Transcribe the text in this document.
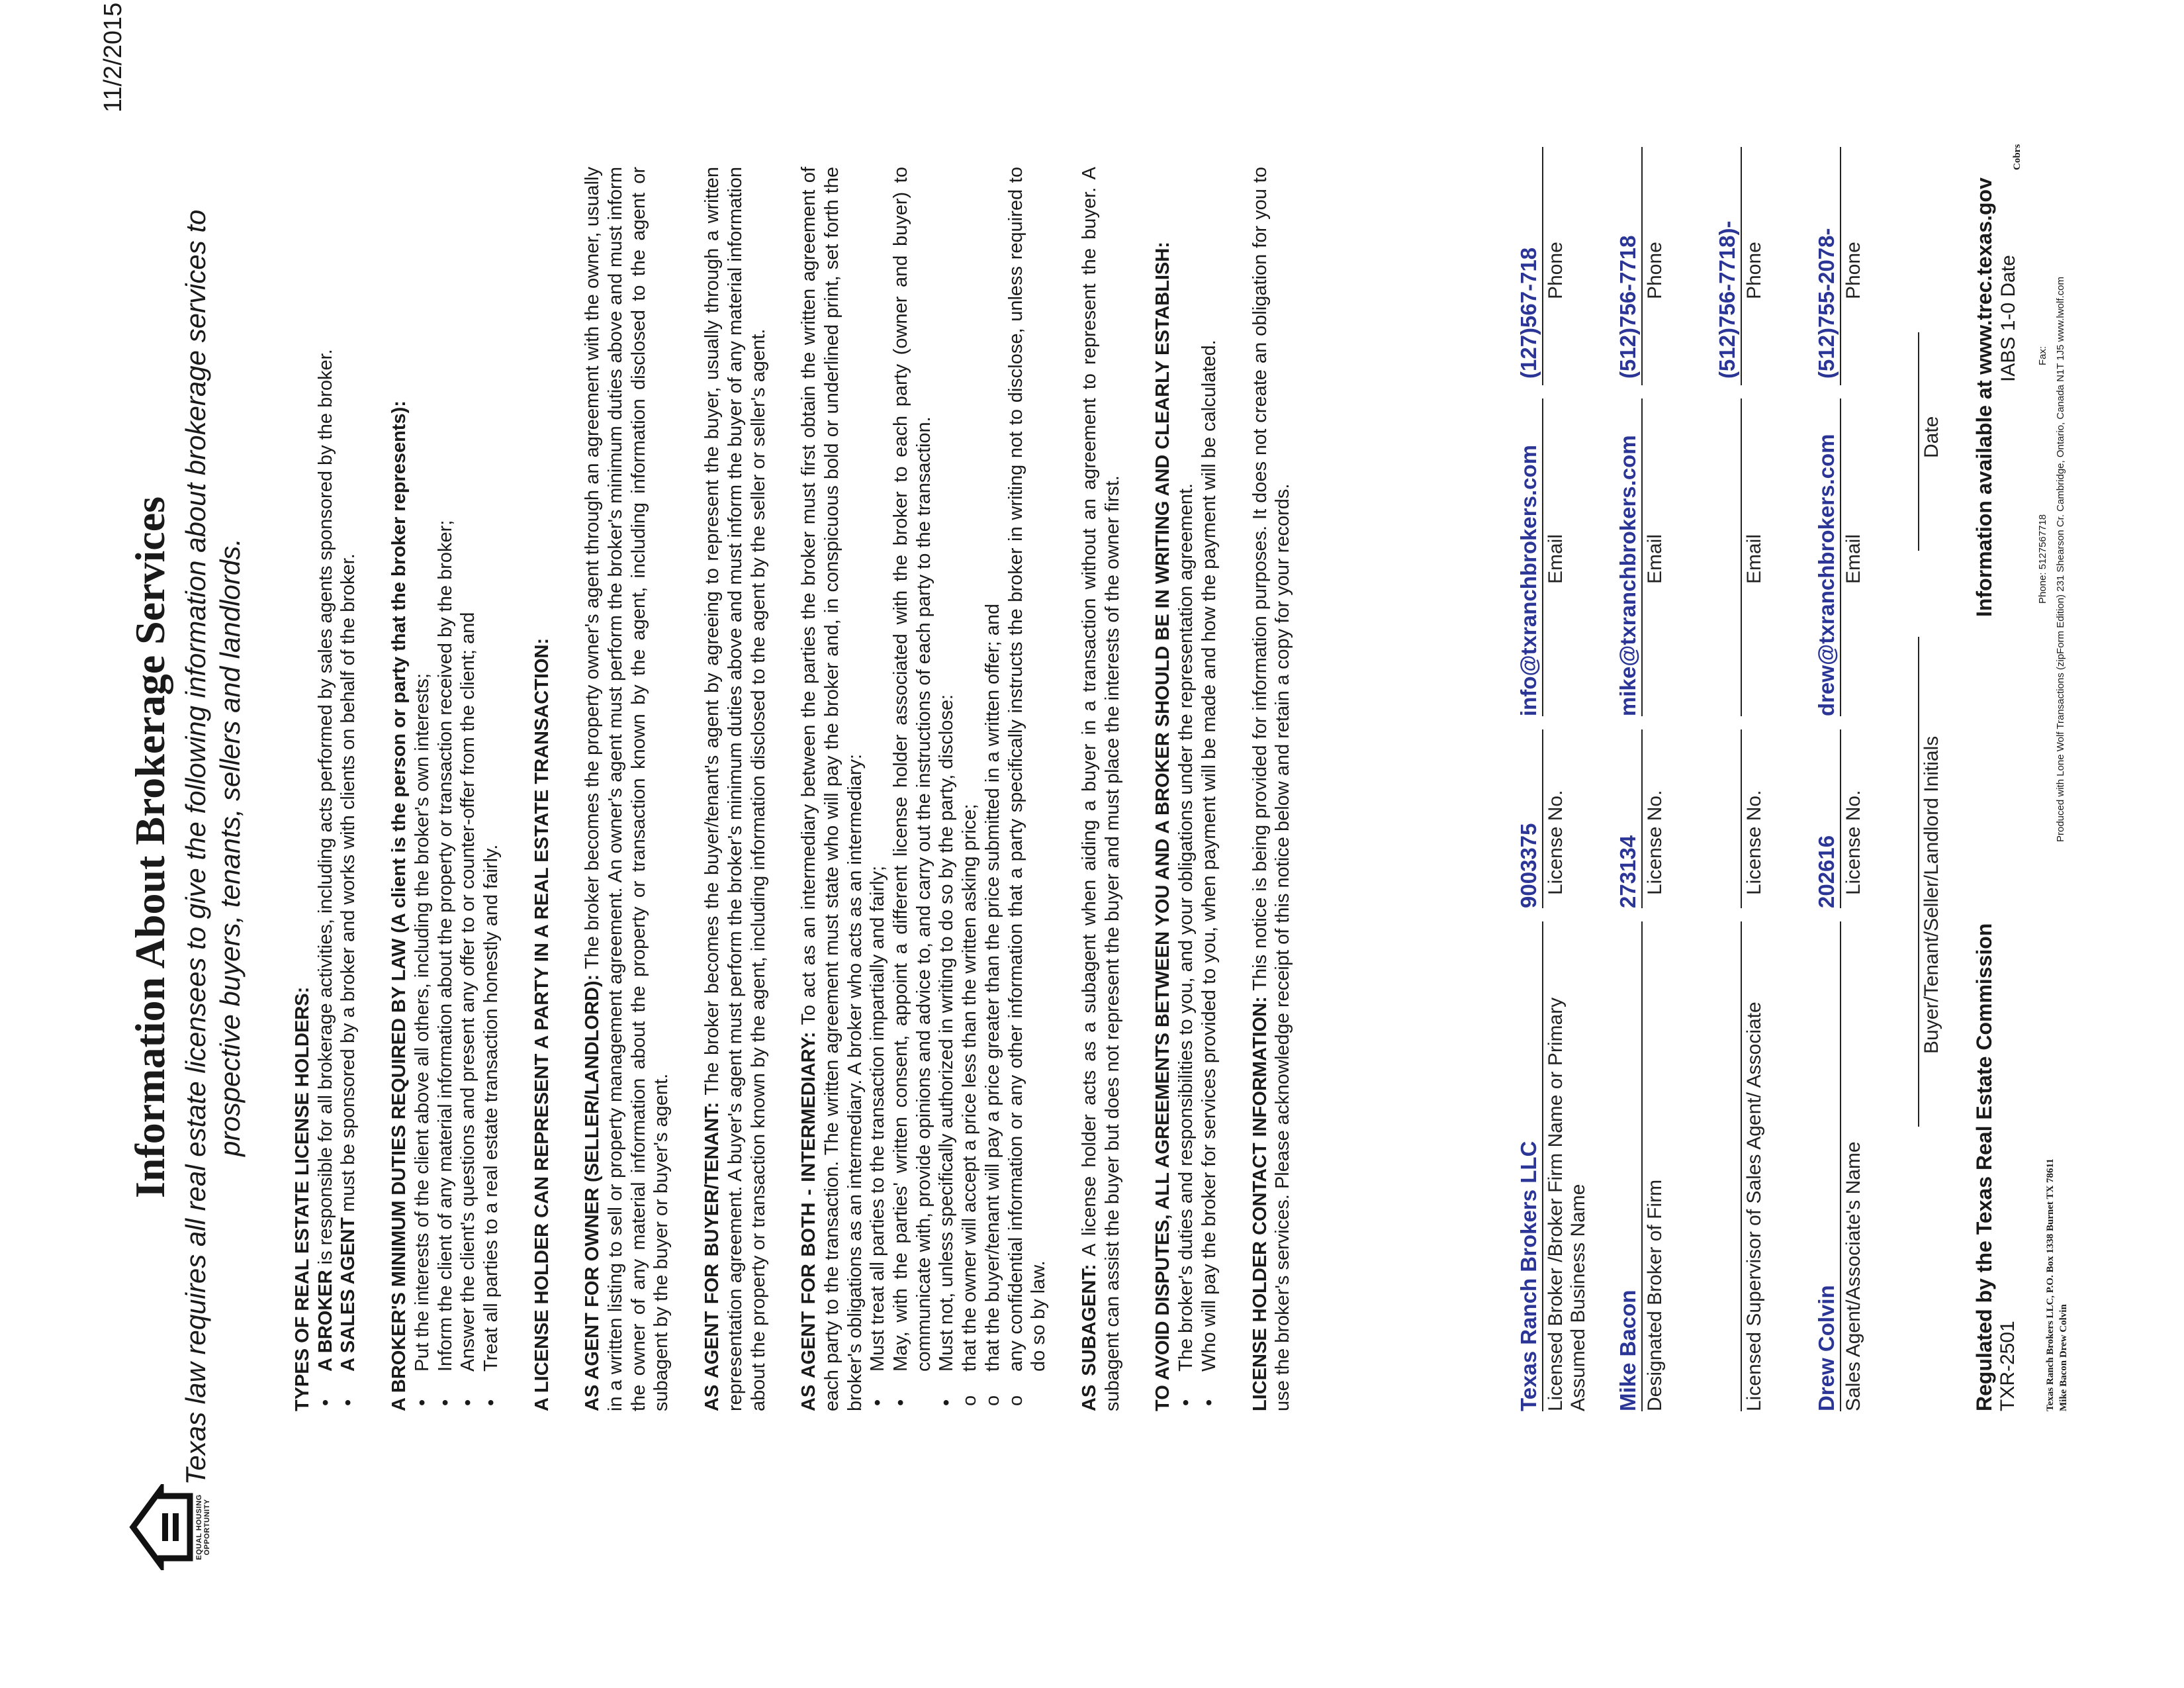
11/2/2015
EQUAL HOUSING OPPORTUNITY
Information About Brokerage Services Texas law requires all real estate licensees to give the following information about brokerage services to prospective buyers, tenants, sellers and landlords.

TYPES OF REAL ESTATE LICENSE HOLDERS: • A BROKER is responsible for all brokerage activities, including acts performed by sales agents sponsored by the broker.
• A SALES AGENT must be sponsored by a broker and works with clients on behalf of the broker. A BROKER'S MINIMUM DUTIES REQUIRED BY LAW (A client is the person or party that the broker represents): • Put the interests of the client above all others, including the broker's own interests; • Inform the client of any material information about the property or transaction received by the broker; • Answer the client's questions and present any offer to or counter-offer from the client; and • Treat all parties to a real estate transaction honestly and fairly. A LICENSE HOLDER CAN REPRESENT A PARTY IN A REAL ESTATE TRANSACTION: AS AGENT FOR OWNER (SELLER/LANDLORD): The broker becomes the property owner's agent through an agreement with the owner, usually in a written listing to sell or property management agreement. An owner's agent must perform the broker's minimum duties above and must inform the owner of any material information about the property or transaction known by the agent, including information disclosed to the agent or subagent by the buyer or buyer's agent. AS AGENT FOR BUYER/TENANT: The broker becomes the buyer/tenant's agent by agreeing to represent the buyer, usually through a written representation agreement. A buyer's agent must perform the broker's minimum duties above and must inform the buyer of any material information about the property or transaction known by the agent, including information disclosed to the agent by the seller or seller's agent. AS AGENT FOR BOTH - INTERMEDIARY: To act as an intermediary between the parties the broker must first obtain the written agreement of each party to the transaction. The written agreement must state who will pay the broker and, in conspicuous bold or underlined print, set forth the broker's obligations as an intermediary. A broker who acts as an intermediary: • Must treat all parties to the transaction impartially and fairly; • May, with the parties' written consent, appoint a different license holder associated with the broker to each party (owner and buyer) to communicate with, provide opinions and advice to, and carry out the instructions of each party to the transaction. • Must not, unless specifically authorized in writing to do so by the party, disclose: o that the owner will accept a price less than the written asking price; o that the buyer/tenant will pay a price greater than the price submitted in a written offer; and o any confidential information or any other information that a party specifically instructs the broker in writing not to disclose, unless required to do so by law. AS SUBAGENT: A license holder acts as a subagent when aiding a buyer in a transaction without an agreement to represent the buyer. A subagent can assist the buyer but does not represent the buyer and must place the interests of the owner first. TO AVOID DISPUTES, ALL AGREEMENTS BETWEEN YOU AND A BROKER SHOULD BE IN WRITING AND CLEARLY ESTABLISH: • The broker's duties and responsibilities to you, and your obligations under the representation agreement. • Who will pay the broker for services provided to you, when payment will be made and how the payment will be calculated. LICENSE HOLDER CONTACT INFORMATION: This notice is being provided for information purposes. It does not create an obligation for you to use the broker's services. Please acknowledge receipt of this notice below and retain a copy for your records.	Texas Ranch Brokers LLC
9003375
info@txranchbrokers.com
(127)567-718
Licensed Broker /Broker Firm Name or Primary Assumed Business Name
License No.
Email
Phone
Mike Bacon
273134
mike@txranchbrokers.com
(512)756-7718
Designated Broker of Firm
License No.
Email
Phone (512)756-7718)-
Licensed Supervisor of Sales Agent/ Associate
License No.
Email
Phone
Drew Colvin
202616
drew@txranchbrokers.com
(512)755-2078-
Sales Agent/Associate's Name
License No.
Email
Phone
Buyer/Tenant/Seller/Landlord Initials
Date
Regulated by the Texas Real Estate Commission TXR-2501
Information available at www.trec.texas.gov IABS 1-0 Date
Cobrs
Phone: 5127567718
Fax:
Texas Ranch Brokers LLC, P.O. Box 1338 Burnet TX 78611 Mike Bacon Drew Colvin
Produced with Lone Wolf Transactions (zipForm Edition) 231 Shearson Cr. Cambridge, Ontario, Canada N1T 1J5 www.lwolf.com
